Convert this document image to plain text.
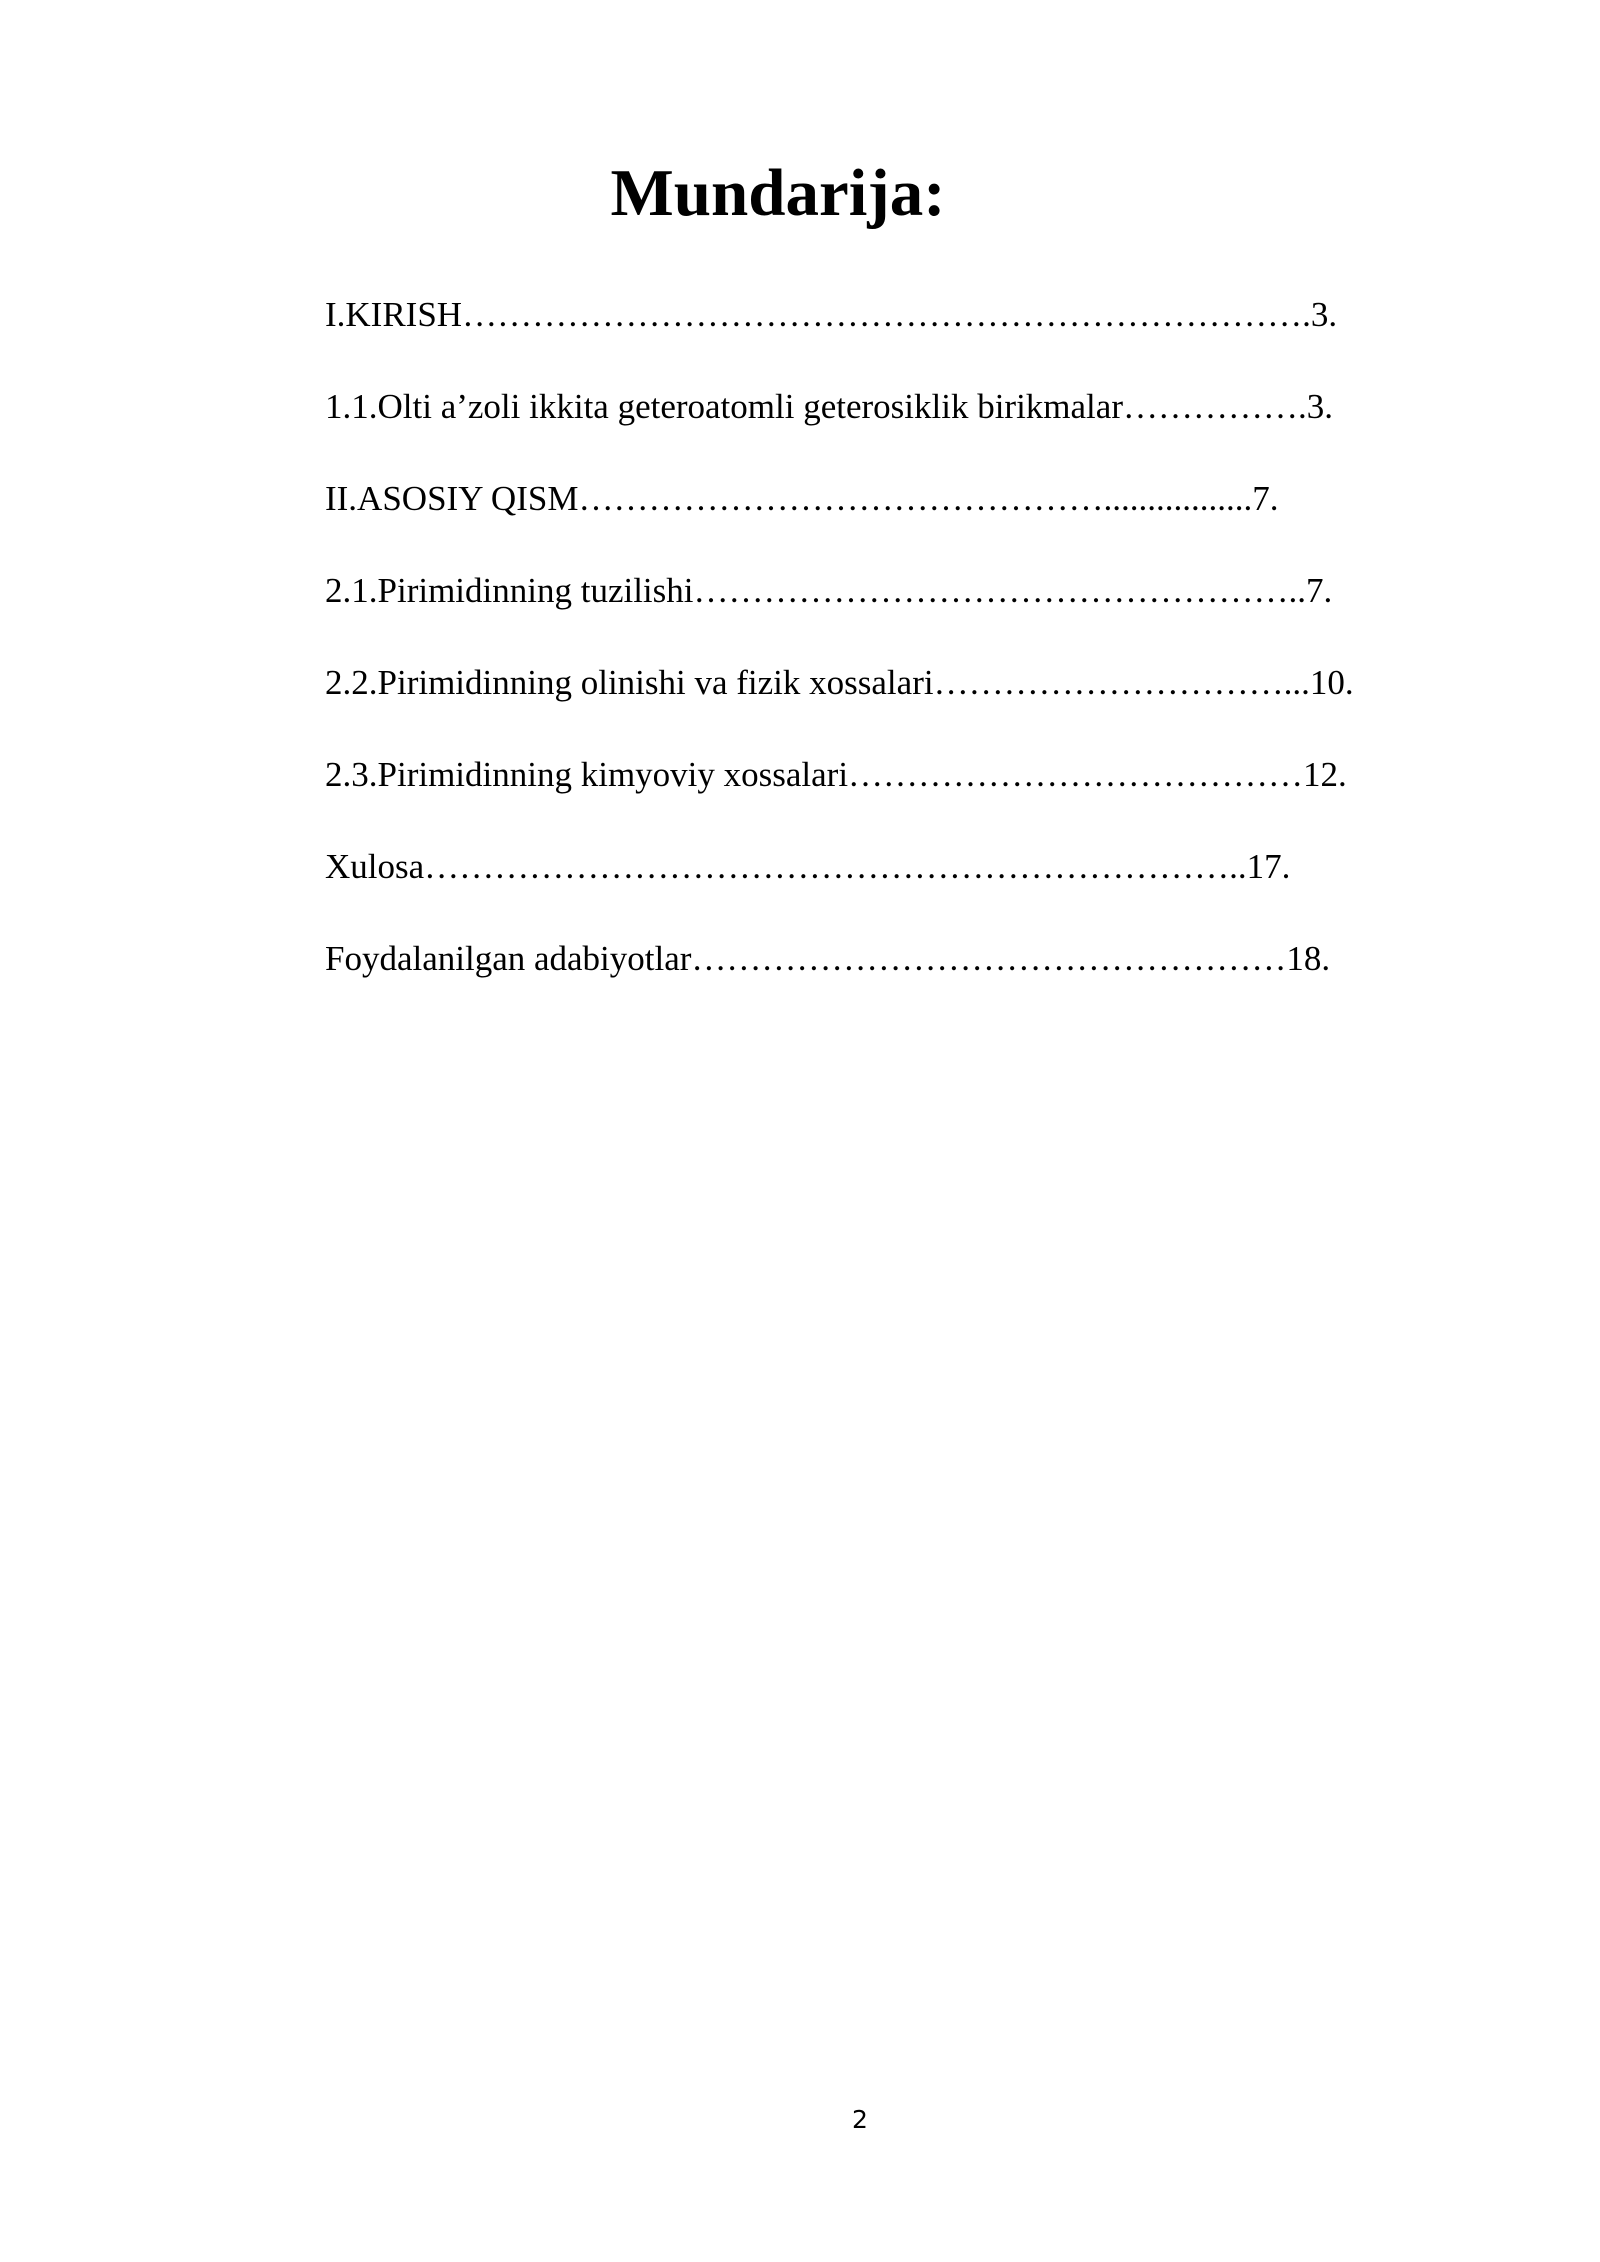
Mundarija:
I.KIRISH……………………………………………………………….3.
1.1.Olti a’zoli ikkita geteroatomli geterosiklik birikmalar…………….3.
II.ASOSIY QISM……………………………………….................7.
2.1.Pirimidinning tuzilishi……………………………………………..7.
2.2.Pirimidinning olinishi va fizik xossalari…………………………...10.
2.3.Pirimidinning kimyoviy xossalari…………………………………12.
Xulosa……………………………………………………………..17.
Foydalanilgan adabiyotlar……………………………………………18.
2
